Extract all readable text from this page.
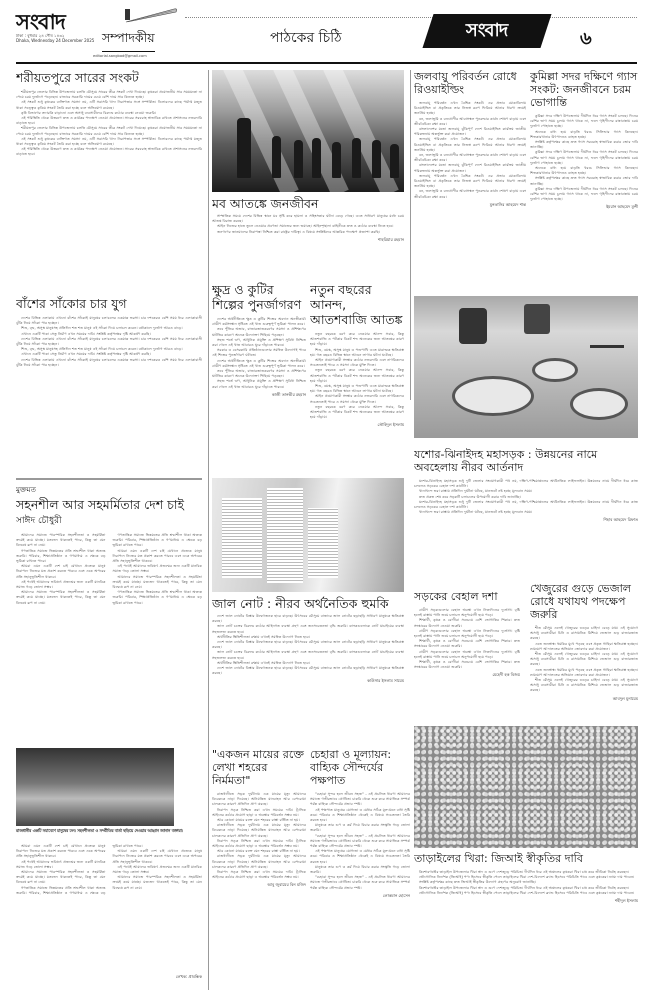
সংবাদ
ঢাকা : বুধবার ২৪ পৌষ ১৪৩২
Dhaka, Wednesday 24 December 2025 সম্পাদকীয়
editorial.sangbad@gmail.com
পাঠকের চিঠি	সংবাদ	৬
শরীয়তপুরে সারের সংকট

শরীয়তপুর জেলার বিভিন্ন উপজেলায় চলতি মৌসুমে সারের তীব্র সংকট দেখা দিয়েছে। কৃষকরা প্রয়োজনীয় সার সময়মতো না পেয়ে চরম দুর্ভোগে পড়েছেন। বাজারে সরকারি দামের চেয়ে বেশি দামে সার কিনতে হচ্ছে।

এই সংকট শুধু কৃষকের ব্যক্তিগত সমস্যা নয়, এটি সরাসরি খাদ্য নিরাপত্তার সঙ্গে সম্পর্কিত। ডিলারদের কাছে পর্যাপ্ত মজুত থাকা সত্ত্বেও কৃত্রিম সংকট তৈরি করা হচ্ছে বলে অভিযোগ রয়েছে।

কৃষি বিভাগের তদারকি বাড়ানো এবং অসাধু ব্যবসায়ীদের বিরুদ্ধে কঠোর ব্যবস্থা নেওয়া জরুরি।

এই পরিস্থিতি থেকে উত্তরণে দ্রুত ও কার্যকর পদক্ষেপ নেওয়া প্রয়োজন। সারের সরবরাহ স্বাভাবিক রাখতে প্রশাসনের নজরদারি বাড়াতে হবে।

শরীয়তপুর জেলার বিভিন্ন উপজেলায় চলতি মৌসুমে সারের তীব্র সংকট দেখা দিয়েছে। কৃষকরা প্রয়োজনীয় সার সময়মতো না পেয়ে চরম দুর্ভোগে পড়েছেন। বাজারে সরকারি দামের চেয়ে বেশি দামে সার কিনতে হচ্ছে।

এই সংকট শুধু কৃষকের ব্যক্তিগত সমস্যা নয়, এটি সরাসরি খাদ্য নিরাপত্তার সঙ্গে সম্পর্কিত। ডিলারদের কাছে পর্যাপ্ত মজুত থাকা সত্ত্বেও কৃত্রিম সংকট তৈরি করা হচ্ছে বলে অভিযোগ রয়েছে।

এই পরিস্থিতি থেকে উত্তরণে দ্রুত ও কার্যকর পদক্ষেপ নেওয়া প্রয়োজন। সারের সরবরাহ স্বাভাবিক রাখতে প্রশাসনের নজরদারি বাড়াতে হবে।

বাঁশের সাঁকোর চার যুগ

দেশের বিভিন্ন এলাকায় এখনো বাঁশের সাঁকোই মানুষের চলাচলের একমাত্র ভরসা। চার দশকেরও বেশি সময় ধরে এলাকাবাসী ঝুঁকি নিয়ে সাঁকো পার হচ্ছেন।

শিশু, বৃদ্ধ, অসুস্থ মানুষসহ প্রতিদিন শত শত মানুষ এই সাঁকো দিয়ে চলাচল করেন। বর্ষাকালে দুর্ভোগ আরও বাড়ে।

এখানে একটি পাকা সেতু নির্মাণ এখন সময়ের দাবি। সংশ্লিষ্ট কর্তৃপক্ষের দৃষ্টি আকর্ষণ করছি।

দেশের বিভিন্ন এলাকায় এখনো বাঁশের সাঁকোই মানুষের চলাচলের একমাত্র ভরসা। চার দশকেরও বেশি সময় ধরে এলাকাবাসী ঝুঁকি নিয়ে সাঁকো পার হচ্ছেন।

শিশু, বৃদ্ধ, অসুস্থ মানুষসহ প্রতিদিন শত শত মানুষ এই সাঁকো দিয়ে চলাচল করেন। বর্ষাকালে দুর্ভোগ আরও বাড়ে।

এখানে একটি পাকা সেতু নির্মাণ এখন সময়ের দাবি। সংশ্লিষ্ট কর্তৃপক্ষের দৃষ্টি আকর্ষণ করছি।

দেশের বিভিন্ন এলাকায় এখনো বাঁশের সাঁকোই মানুষের চলাচলের একমাত্র ভরসা। চার দশকেরও বেশি সময় ধরে এলাকাবাসী ঝুঁকি নিয়ে সাঁকো পার হচ্ছেন।

মুক্তমত
সহনশীল আর সহমর্মিতার দেশ চাই
সাঈদ চৌধুরী

আমাদের সমাজে পারস্পরিক সহনশীলতা ও সহমর্মিতা ক্রমেই কমে যাচ্ছে। মতভেদ থাকতেই পারে, কিন্তু তা যেন বিদ্বেষে রূপ না নেয়।

গণতান্ত্রিক সমাজে ভিন্নমতের প্রতি শ্রদ্ধাশীল থাকা অত্যন্ত জরুরি। পরিবার, শিক্ষাপ্রতিষ্ঠান ও গণমাধ্যম এ ক্ষেত্রে বড় ভূমিকা রাখতে পারে।

আমরা এমন একটি দেশ চাই যেখানে প্রত্যেক মানুষ নিরাপদে নিজের মত প্রকাশ করতে পারবে এবং একে অপরের প্রতি সহানুভূতিশীল থাকবে।

এই পথেই আমাদের ভবিষ্যৎ প্রজন্মের জন্য একটি মানবিক সমাজ গড়ে তোলা সম্ভব।

আমাদের সমাজে পারস্পরিক সহনশীলতা ও সহমর্মিতা ক্রমেই কমে যাচ্ছে। মতভেদ থাকতেই পারে, কিন্তু তা যেন বিদ্বেষে রূপ না নেয়।

গণতান্ত্রিক সমাজে ভিন্নমতের প্রতি শ্রদ্ধাশীল থাকা অত্যন্ত জরুরি। পরিবার, শিক্ষাপ্রতিষ্ঠান ও গণমাধ্যম এ ক্ষেত্রে বড় ভূমিকা রাখতে পারে।

আমরা এমন একটি দেশ চাই যেখানে প্রত্যেক মানুষ নিরাপদে নিজের মত প্রকাশ করতে পারবে এবং একে অপরের প্রতি সহানুভূতিশীল থাকবে।

এই পথেই আমাদের ভবিষ্যৎ প্রজন্মের জন্য একটি মানবিক সমাজ গড়ে তোলা সম্ভব।

আমাদের সমাজে পারস্পরিক সহনশীলতা ও সহমর্মিতা ক্রমেই কমে যাচ্ছে। মতভেদ থাকতেই পারে, কিন্তু তা যেন বিদ্বেষে রূপ না নেয়।

গণতান্ত্রিক সমাজে ভিন্নমতের প্রতি শ্রদ্ধাশীল থাকা অত্যন্ত জরুরি। পরিবার, শিক্ষাপ্রতিষ্ঠান ও গণমাধ্যম এ ক্ষেত্রে বড় ভূমিকা রাখতে পারে।

রাজধানীর একটি সমাবেশে মানুষের ঢল। সহনশীলতা ও সম্প্রীতির বার্তা ছড়িয়ে দেওয়ার আহ্বান জানান বক্তারা।

আমরা এমন একটি দেশ চাই যেখানে প্রত্যেক মানুষ নিরাপদে নিজের মত প্রকাশ করতে পারবে এবং একে অপরের প্রতি সহানুভূতিশীল থাকবে।

এই পথেই আমাদের ভবিষ্যৎ প্রজন্মের জন্য একটি মানবিক সমাজ গড়ে তোলা সম্ভব।

আমাদের সমাজে পারস্পরিক সহনশীলতা ও সহমর্মিতা ক্রমেই কমে যাচ্ছে। মতভেদ থাকতেই পারে, কিন্তু তা যেন বিদ্বেষে রূপ না নেয়।

গণতান্ত্রিক সমাজে ভিন্নমতের প্রতি শ্রদ্ধাশীল থাকা অত্যন্ত জরুরি। পরিবার, শিক্ষাপ্রতিষ্ঠান ও গণমাধ্যম এ ক্ষেত্রে বড় ভূমিকা রাখতে পারে।

আমরা এমন একটি দেশ চাই যেখানে প্রত্যেক মানুষ নিরাপদে নিজের মত প্রকাশ করতে পারবে এবং একে অপরের প্রতি সহানুভূতিশীল থাকবে।

এই পথেই আমাদের ভবিষ্যৎ প্রজন্মের জন্য একটি মানবিক সমাজ গড়ে তোলা সম্ভব।

আমাদের সমাজে পারস্পরিক সহনশীলতা ও সহমর্মিতা ক্রমেই কমে যাচ্ছে। মতভেদ থাকতেই পারে, কিন্তু তা যেন বিদ্বেষে রূপ না নেয়।

লেখক: প্রাবন্ধিক
মব আতঙ্কে জনজীবন

সাম্প্রতিক সময়ে দেশের বিভিন্ন স্থানে মব সৃষ্টি করে হামলা ও সহিংসতার ঘটনা বেড়ে গেছে। এতে সাধারণ মানুষের মধ্যে চরম আতঙ্ক বিরাজ করছে।

আইন নিজের হাতে তুলে নেওয়ার প্রবণতা সমাজের জন্য ভয়াবহ। আইনশৃঙ্খলা বাহিনীকে দ্রুত ও কঠোর ব্যবস্থা নিতে হবে।

জনগণের জানমালের নিরাপত্তা নিশ্চিত করা রাষ্ট্রের দায়িত্ব। এ বিষয়ে সংশ্লিষ্টদের আন্তরিক পদক্ষেপ প্রত্যাশা করছি।

শাহরিয়ার রহমান
ক্ষুদ্র ও কুটির শিল্পের পুনর্জাগরণ

দেশের অর্থনীতিতে ক্ষুদ্র ও কুটির শিল্পের অবদান অনস্বীকার্য। গ্রামীণ কর্মসংস্থান সৃষ্টিতে এই খাত গুরুত্বপূর্ণ ভূমিকা পালন করে।

তবে পুঁজির অভাব, বাজারজাতকরণের সমস্যা ও প্রশিক্ষণের ঘাটতির কারণে অনেক উদ্যোক্তা পিছিয়ে পড়ছেন।

সহজ শর্তে ঋণ, আধুনিক প্রযুক্তি ও প্রশিক্ষণ সুবিধা নিশ্চিত করা গেলে এই খাত আবারও ঘুরে দাঁড়াতে পারবে।

সরকার ও বেসরকারি প্রতিষ্ঠানগুলোর সমন্বিত উদ্যোগই পারে এই শিল্পের পুনর্জাগরণ ঘটাতে।

দেশের অর্থনীতিতে ক্ষুদ্র ও কুটির শিল্পের অবদান অনস্বীকার্য। গ্রামীণ কর্মসংস্থান সৃষ্টিতে এই খাত গুরুত্বপূর্ণ ভূমিকা পালন করে।

তবে পুঁজির অভাব, বাজারজাতকরণের সমস্যা ও প্রশিক্ষণের ঘাটতির কারণে অনেক উদ্যোক্তা পিছিয়ে পড়ছেন।

সহজ শর্তে ঋণ, আধুনিক প্রযুক্তি ও প্রশিক্ষণ সুবিধা নিশ্চিত করা গেলে এই খাত আবারও ঘুরে দাঁড়াতে পারবে।

কাজী তানভীর রহমান
নতুন বছরের আনন্দ, আতশবাজি আতঙ্ক

নতুন বছরকে বরণ করে নেওয়ার আনন্দ সবার, কিন্তু আতশবাজি ও পটকার বিকট শব্দ অনেকের জন্য আতঙ্কের কারণ হয়ে দাঁড়ায়।

শিশু, বয়স্ক, অসুস্থ মানুষ ও পশুপাখি এতে মারাত্মক ক্ষতিগ্রস্ত হয়। গত বছরও বিভিন্ন স্থানে আগুন লাগার ঘটনা ঘটেছে।

আইন প্রয়োগকারী সংস্থার কঠোর নজরদারি এবং নাগরিকদের সচেতনতাই পারে এ সমস্যা থেকে মুক্তি দিতে।

নতুন বছরকে বরণ করে নেওয়ার আনন্দ সবার, কিন্তু আতশবাজি ও পটকার বিকট শব্দ অনেকের জন্য আতঙ্কের কারণ হয়ে দাঁড়ায়।

শিশু, বয়স্ক, অসুস্থ মানুষ ও পশুপাখি এতে মারাত্মক ক্ষতিগ্রস্ত হয়। গত বছরও বিভিন্ন স্থানে আগুন লাগার ঘটনা ঘটেছে।

আইন প্রয়োগকারী সংস্থার কঠোর নজরদারি এবং নাগরিকদের সচেতনতাই পারে এ সমস্যা থেকে মুক্তি দিতে।

নতুন বছরকে বরণ করে নেওয়ার আনন্দ সবার, কিন্তু আতশবাজি ও পটকার বিকট শব্দ অনেকের জন্য আতঙ্কের কারণ হয়ে দাঁড়ায়।

তৌহিদুল ইসলাম
জাল নোট : নীরব অর্থনৈতিক হুমকি

দেশে জাল নোটের বিস্তার উদ্বেগজনক হারে বাড়ছে। উৎসবের মৌসুমে বাজারে জাল নোটের ছড়াছড়ি সাধারণ মানুষকে ক্ষতিগ্রস্ত করছে।

জাল নোট চক্রের বিরুদ্ধে কঠোর আইনগত ব্যবস্থা গ্রহণ এবং জনসচেতনতা বৃদ্ধি জরুরি। ব্যাংকগুলোকে নোট যাচাইয়ের ব্যবস্থা সহজলভ্য করতে হবে।

অর্থনীতির স্থিতিশীলতা রক্ষায় এখনই সমন্বিত উদ্যোগ নিতে হবে।

দেশে জাল নোটের বিস্তার উদ্বেগজনক হারে বাড়ছে। উৎসবের মৌসুমে বাজারে জাল নোটের ছড়াছড়ি সাধারণ মানুষকে ক্ষতিগ্রস্ত করছে।

জাল নোট চক্রের বিরুদ্ধে কঠোর আইনগত ব্যবস্থা গ্রহণ এবং জনসচেতনতা বৃদ্ধি জরুরি। ব্যাংকগুলোকে নোট যাচাইয়ের ব্যবস্থা সহজলভ্য করতে হবে।

অর্থনীতির স্থিতিশীলতা রক্ষায় এখনই সমন্বিত উদ্যোগ নিতে হবে।

দেশে জাল নোটের বিস্তার উদ্বেগজনক হারে বাড়ছে। উৎসবের মৌসুমে বাজারে জাল নোটের ছড়াছড়ি সাধারণ মানুষকে ক্ষতিগ্রস্ত করছে।

কাউসার ইসলাম সায়েম
"একজন মায়ের রক্তে লেখা শহরের নির্মমতা"

রাজধানীতে সড়ক দুর্ঘটনায় এক মায়ের মৃত্যু আমাদের বিবেককে নাড়া দিয়েছে। অনিয়ন্ত্রিত যানবাহন আর বেপরোয়া চালকদের কারণে প্রতিদিন প্রাণ ঝরছে।

নিরাপদ সড়ক নিশ্চিত করা এখন সময়ের দাবি। ট্রাফিক আইনের কঠোর প্রয়োগ ছাড়া এ অবস্থার পরিবর্তন সম্ভব নয়।

আর কোনো মায়ের রক্তে যেন শহরের রাস্তা রঞ্জিত না হয়।

রাজধানীতে সড়ক দুর্ঘটনায় এক মায়ের মৃত্যু আমাদের বিবেককে নাড়া দিয়েছে। অনিয়ন্ত্রিত যানবাহন আর বেপরোয়া চালকদের কারণে প্রতিদিন প্রাণ ঝরছে।

নিরাপদ সড়ক নিশ্চিত করা এখন সময়ের দাবি। ট্রাফিক আইনের কঠোর প্রয়োগ ছাড়া এ অবস্থার পরিবর্তন সম্ভব নয়।

আর কোনো মায়ের রক্তে যেন শহরের রাস্তা রঞ্জিত না হয়।

রাজধানীতে সড়ক দুর্ঘটনায় এক মায়ের মৃত্যু আমাদের বিবেককে নাড়া দিয়েছে। অনিয়ন্ত্রিত যানবাহন আর বেপরোয়া চালকদের কারণে প্রতিদিন প্রাণ ঝরছে।

নিরাপদ সড়ক নিশ্চিত করা এখন সময়ের দাবি। ট্রাফিক আইনের কঠোর প্রয়োগ ছাড়া এ অবস্থার পরিবর্তন সম্ভব নয়।

আবু জুবায়ের বিন মজিদ
চেহারা ও মূল্যায়ন: বাহ্যিক সৌন্দর্যের পক্ষপাত

"চেহারা সুন্দর হলে জীবন সহজ" - এই প্রচলিত ধারণা আমাদের সমাজে গভীরভাবে প্রোথিত। চাকরি থেকে শুরু করে সামাজিক সম্পর্ক পর্যন্ত বাহ্যিক সৌন্দর্যের প্রভাব স্পষ্ট।

এই পক্ষপাত মানুষের যোগ্যতা ও মেধার সঠিক মূল্যায়নে বাধা সৃষ্টি করে। পরিবার ও শিক্ষাপ্রতিষ্ঠান থেকেই এ বিষয়ে সচেতনতা তৈরি করতে হবে।

মানুষকে তার গুণ ও কর্ম দিয়ে বিচার করার সংস্কৃতি গড়ে তোলা জরুরি।

"চেহারা সুন্দর হলে জীবন সহজ" - এই প্রচলিত ধারণা আমাদের সমাজে গভীরভাবে প্রোথিত। চাকরি থেকে শুরু করে সামাজিক সম্পর্ক পর্যন্ত বাহ্যিক সৌন্দর্যের প্রভাব স্পষ্ট।

এই পক্ষপাত মানুষের যোগ্যতা ও মেধার সঠিক মূল্যায়নে বাধা সৃষ্টি করে। পরিবার ও শিক্ষাপ্রতিষ্ঠান থেকেই এ বিষয়ে সচেতনতা তৈরি করতে হবে।

মানুষকে তার গুণ ও কর্ম দিয়ে বিচার করার সংস্কৃতি গড়ে তোলা জরুরি।

"চেহারা সুন্দর হলে জীবন সহজ" - এই প্রচলিত ধারণা আমাদের সমাজে গভীরভাবে প্রোথিত। চাকরি থেকে শুরু করে সামাজিক সম্পর্ক পর্যন্ত বাহ্যিক সৌন্দর্যের প্রভাব স্পষ্ট।

লোকমান হোসেন
জলবায়ু পরিবর্তন রোধে রিওয়াইল্ডিং

জলবায়ু পরিবর্তন এখন বৈশ্বিক সংকট। এর প্রভাব মোকাবিলায় রিওয়াইল্ডিং বা প্রকৃতিকে তার নিজস্ব রূপে ফিরিয়ে আনার ধারণা ক্রমেই জনপ্রিয় হচ্ছে।

বন, জলাভূমি ও বন্যপ্রাণীর আবাসস্থল পুনরুদ্ধার কার্বন শোষণ বাড়ায় এবং জীববৈচিত্র্য রক্ষা করে।

বাংলাদেশের মতো জলবায়ু ঝুঁকিপূর্ণ দেশে রিওয়াইল্ডিং কার্যক্রম জাতীয় পরিকল্পনায় অন্তর্ভুক্ত করা প্রয়োজন।

জলবায়ু পরিবর্তন এখন বৈশ্বিক সংকট। এর প্রভাব মোকাবিলায় রিওয়াইল্ডিং বা প্রকৃতিকে তার নিজস্ব রূপে ফিরিয়ে আনার ধারণা ক্রমেই জনপ্রিয় হচ্ছে।

বন, জলাভূমি ও বন্যপ্রাণীর আবাসস্থল পুনরুদ্ধার কার্বন শোষণ বাড়ায় এবং জীববৈচিত্র্য রক্ষা করে।

বাংলাদেশের মতো জলবায়ু ঝুঁকিপূর্ণ দেশে রিওয়াইল্ডিং কার্যক্রম জাতীয় পরিকল্পনায় অন্তর্ভুক্ত করা প্রয়োজন।

জলবায়ু পরিবর্তন এখন বৈশ্বিক সংকট। এর প্রভাব মোকাবিলায় রিওয়াইল্ডিং বা প্রকৃতিকে তার নিজস্ব রূপে ফিরিয়ে আনার ধারণা ক্রমেই জনপ্রিয় হচ্ছে।

বন, জলাভূমি ও বন্যপ্রাণীর আবাসস্থল পুনরুদ্ধার কার্বন শোষণ বাড়ায় এবং জীববৈচিত্র্য রক্ষা করে।

মুনতাসির আহমেদ শান্ত
কুমিল্লা সদর দক্ষিণে গ্যাস সংকট: জনজীবনে চরম ভোগান্তি

কুমিল্লা সদর দক্ষিণ উপজেলায় দীর্ঘদিন ধরে গ্যাস সংকট চলছে। দিনের বেশির ভাগ সময় চুলায় গ্যাস থাকে না, ফলে গৃহিণীদের রান্নাবান্নায় চরম দুর্ভোগ পোহাতে হচ্ছে।

অনেকে বাধ্য হয়ে বাড়তি খরচে সিলিন্ডার গ্যাস কিনছেন। শিল্পকারখানার উৎপাদনও ব্যাহত হচ্ছে।

সংশ্লিষ্ট কর্তৃপক্ষের কাছে দ্রুত গ্যাস সরবরাহ স্বাভাবিক করার জোর দাবি জানাচ্ছি।

কুমিল্লা সদর দক্ষিণ উপজেলায় দীর্ঘদিন ধরে গ্যাস সংকট চলছে। দিনের বেশির ভাগ সময় চুলায় গ্যাস থাকে না, ফলে গৃহিণীদের রান্নাবান্নায় চরম দুর্ভোগ পোহাতে হচ্ছে।

অনেকে বাধ্য হয়ে বাড়তি খরচে সিলিন্ডার গ্যাস কিনছেন। শিল্পকারখানার উৎপাদনও ব্যাহত হচ্ছে।

সংশ্লিষ্ট কর্তৃপক্ষের কাছে দ্রুত গ্যাস সরবরাহ স্বাভাবিক করার জোর দাবি জানাচ্ছি।

কুমিল্লা সদর দক্ষিণ উপজেলায় দীর্ঘদিন ধরে গ্যাস সংকট চলছে। দিনের বেশির ভাগ সময় চুলায় গ্যাস থাকে না, ফলে গৃহিণীদের রান্নাবান্নায় চরম দুর্ভোগ পোহাতে হচ্ছে।

ইমরান আহমেদ মুন্সী
যশোর-ঝিনাইদহ মহাসড়ক : উন্নয়নের নামে অবহেলায় নীরব আর্তনাদ

যশোর-ঝিনাইদহ মহাসড়ক শুধু দুটি জেলার সংযোগকারী পথ নয়, দক্ষিণ-পশ্চিমাঞ্চলের অর্থনৈতিক লাইফলাইন। উন্নয়নের নামে দীর্ঘদিন ধরে কাজ চললেও সড়কের বেহাল দশা কাটেনি।

খানাখন্দে ভরা রাস্তায় প্রতিদিন দুর্ঘটনা ঘটছে, যানজটে নষ্ট হচ্ছে মূল্যবান সময়।

দ্রুত প্রকল্প শেষ করে সড়কটি চলাচলের উপযোগী করার দাবি জানাচ্ছি।

যশোর-ঝিনাইদহ মহাসড়ক শুধু দুটি জেলার সংযোগকারী পথ নয়, দক্ষিণ-পশ্চিমাঞ্চলের অর্থনৈতিক লাইফলাইন। উন্নয়নের নামে দীর্ঘদিন ধরে কাজ চললেও সড়কের বেহাল দশা কাটেনি।

খানাখন্দে ভরা রাস্তায় প্রতিদিন দুর্ঘটনা ঘটছে, যানজটে নষ্ট হচ্ছে মূল্যবান সময়।

শিহাব আহমেদ রিফাত
সড়কের বেহাল দশা

গ্রামীণ সড়কগুলোর বেহাল অবস্থা এখন নিত্যদিনের দুর্ভোগ। বৃষ্টি হলেই রাস্তায় পানি জমে চলাচল অনুপযোগী হয়ে পড়ে।

শিক্ষার্থী, কৃষক ও রোগীরা সবচেয়ে বেশি ভোগান্তির শিকার। দ্রুত সংস্কারের উদ্যোগ নেওয়া জরুরি।

গ্রামীণ সড়কগুলোর বেহাল অবস্থা এখন নিত্যদিনের দুর্ভোগ। বৃষ্টি হলেই রাস্তায় পানি জমে চলাচল অনুপযোগী হয়ে পড়ে।

শিক্ষার্থী, কৃষক ও রোগীরা সবচেয়ে বেশি ভোগান্তির শিকার। দ্রুত সংস্কারের উদ্যোগ নেওয়া জরুরি।

গ্রামীণ সড়কগুলোর বেহাল অবস্থা এখন নিত্যদিনের দুর্ভোগ। বৃষ্টি হলেই রাস্তায় পানি জমে চলাচল অনুপযোগী হয়ে পড়ে।

শিক্ষার্থী, কৃষক ও রোগীরা সবচেয়ে বেশি ভোগান্তির শিকার। দ্রুত সংস্কারের উদ্যোগ নেওয়া জরুরি।

মেহেদী হক বিজয়
খেজুরের গুড়ে ভেজাল রোধে যথাযথ পদক্ষেপ জরুরি

শীত মৌসুম এলেই খেজুরের গুড়ের চাহিদা বেড়ে যায়। এই সুযোগে অসাধু ব্যবসায়ীরা চিনি ও রাসায়নিক মিশিয়ে ভেজাল গুড় বাজারজাত করছে।

এতে জনস্বাস্থ্য হুমকির মুখে পড়ছে এবং প্রকৃত গাছিরা ক্ষতিগ্রস্ত হচ্ছেন। ভ্রাম্যমাণ আদালতের অভিযান জোরদার করা প্রয়োজন।

শীত মৌসুম এলেই খেজুরের গুড়ের চাহিদা বেড়ে যায়। এই সুযোগে অসাধু ব্যবসায়ীরা চিনি ও রাসায়নিক মিশিয়ে ভেজাল গুড় বাজারজাত করছে।

এতে জনস্বাস্থ্য হুমকির মুখে পড়ছে এবং প্রকৃত গাছিরা ক্ষতিগ্রস্ত হচ্ছেন। ভ্রাম্যমাণ আদালতের অভিযান জোরদার করা প্রয়োজন।

শীত মৌসুম এলেই খেজুরের গুড়ের চাহিদা বেড়ে যায়। এই সুযোগে অসাধু ব্যবসায়ীরা চিনি ও রাসায়নিক মিশিয়ে ভেজাল গুড় বাজারজাত করছে।

আবদুল মুনায়েম
তাড়াইলের খিরা: জিআই স্বীকৃতির দাবি

কিশোরগঞ্জের তাড়াইল উপজেলার খিরা স্বাদ ও গুণে দেশজুড়ে পরিচিত। দীর্ঘদিন ধরে এই অঞ্চলের কৃষকরা খিরা চাষ করে জীবিকা নির্বাহ করছেন।

ভৌগোলিক নির্দেশক (জিআই) পণ্য হিসেবে স্বীকৃতি পেলে তাড়াইলের খিরা দেশ-বিদেশে ব্র্যান্ড হিসেবে পরিচিতি পাবে এবং কৃষকেরা ন্যায্য দাম পাবেন।

সংশ্লিষ্ট কর্তৃপক্ষের কাছে দ্রুত জিআই স্বীকৃতির উদ্যোগ গ্রহণের অনুরোধ জানাচ্ছি।

কিশোরগঞ্জের তাড়াইল উপজেলার খিরা স্বাদ ও গুণে দেশজুড়ে পরিচিত। দীর্ঘদিন ধরে এই অঞ্চলের কৃষকরা খিরা চাষ করে জীবিকা নির্বাহ করছেন।

ভৌগোলিক নির্দেশক (জিআই) পণ্য হিসেবে স্বীকৃতি পেলে তাড়াইলের খিরা দেশ-বিদেশে ব্র্যান্ড হিসেবে পরিচিতি পাবে এবং কৃষকেরা ন্যায্য দাম পাবেন।

শহীদুল ইসলাম
